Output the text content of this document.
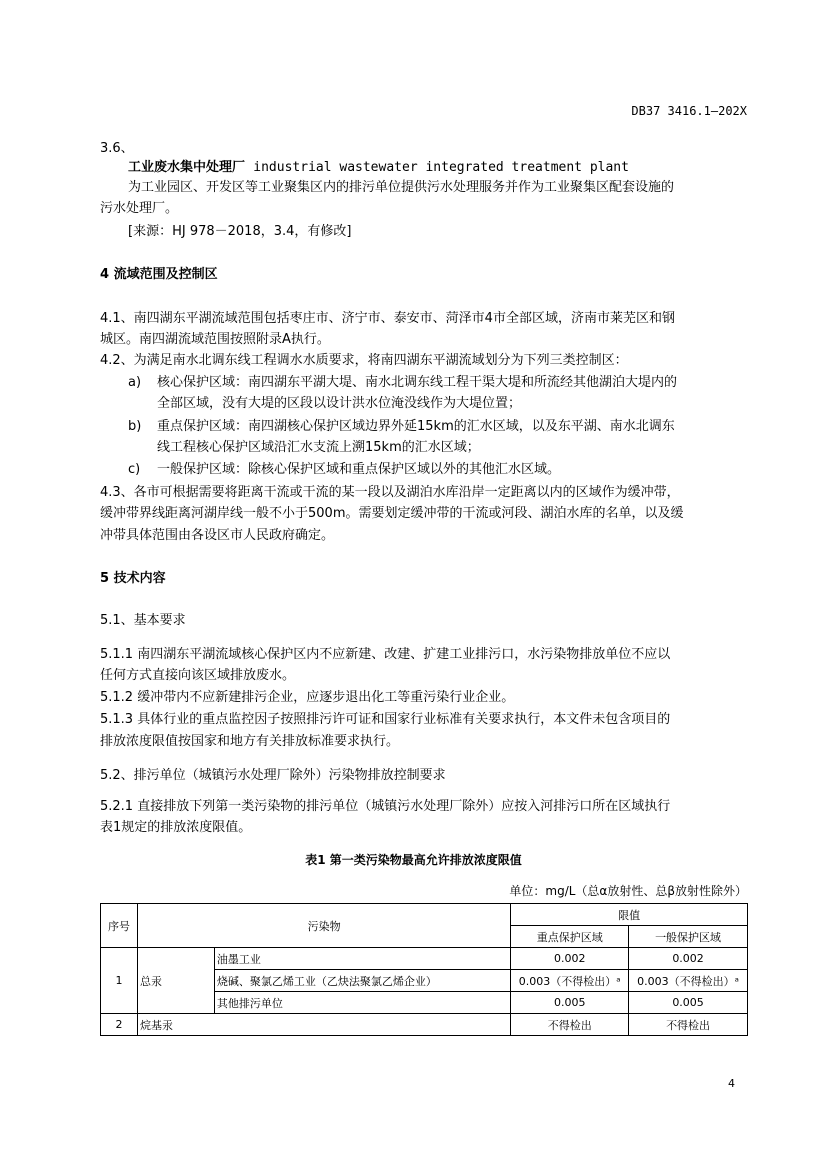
DB37 3416.1—202X
3.6、
工业废水集中处理厂 industrial wastewater integrated treatment plant
为工业园区、开发区等工业聚集区内的排污单位提供污水处理服务并作为工业聚集区配套设施的
污水处理厂。
[来源：HJ 978－2018，3.4，有修改]
4 流域范围及控制区
4.1、南四湖东平湖流域范围包括枣庄市、济宁市、泰安市、菏泽市4市全部区域，济南市莱芜区和钢
城区。南四湖流域范围按照附录A执行。
4.2、为满足南水北调东线工程调水水质要求，将南四湖东平湖流域划分为下列三类控制区：
a) 核心保护区域：南四湖东平湖大堤、南水北调东线工程干渠大堤和所流经其他湖泊大堤内的
全部区域，没有大堤的区段以设计洪水位淹没线作为大堤位置；
b) 重点保护区域：南四湖核心保护区域边界外延15km的汇水区域，以及东平湖、南水北调东
线工程核心保护区域沿汇水支流上溯15km的汇水区域；
c) 一般保护区域：除核心保护区域和重点保护区域以外的其他汇水区域。
4.3、各市可根据需要将距离干流或干流的某一段以及湖泊水库沿岸一定距离以内的区域作为缓冲带，
缓冲带界线距离河湖岸线一般不小于500m。需要划定缓冲带的干流或河段、湖泊水库的名单，以及缓
冲带具体范围由各设区市人民政府确定。
5 技术内容
5.1、基本要求
5.1.1 南四湖东平湖流域核心保护区内不应新建、改建、扩建工业排污口，水污染物排放单位不应以
任何方式直接向该区域排放废水。
5.1.2 缓冲带内不应新建排污企业，应逐步退出化工等重污染行业企业。
5.1.3 具体行业的重点监控因子按照排污许可证和国家行业标准有关要求执行，本文件未包含项目的
排放浓度限值按国家和地方有关排放标准要求执行。
5.2、排污单位（城镇污水处理厂除外）污染物排放控制要求
5.2.1 直接排放下列第一类污染物的排污单位（城镇污水处理厂除外）应按入河排污口所在区域执行
表1规定的排放浓度限值。
表1 第一类污染物最高允许排放浓度限值
单位：mg/L（总α放射性、总β放射性除外）
序号	污染物		限值	
			重点保护区域	一般保护区域
1	总汞	油墨工业	0.002	0.002
		烧碱、聚氯乙烯工业（乙炔法聚氯乙烯企业）	0.003（不得检出）ᵃ	0.003（不得检出）ᵃ
		其他排污单位	0.005	0.005
2	烷基汞		不得检出	不得检出
4
